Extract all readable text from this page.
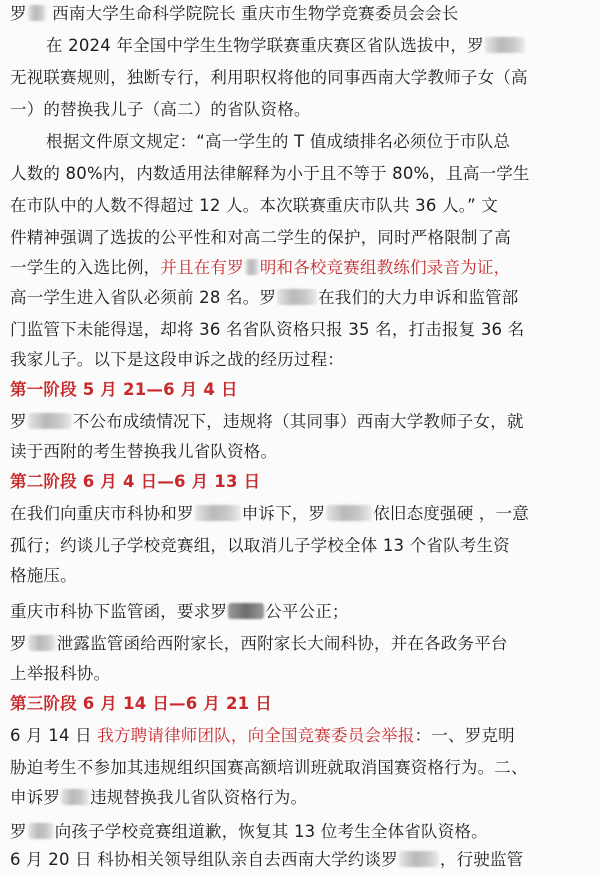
罗 西南大学生命科学院院长 重庆市生物学竞赛委员会会长
在 2024 年全国中学生生物学联赛重庆赛区省队选拔中，罗
无视联赛规则，独断专行，利用职权将他的同事西南大学教师子女（高
一）的替换我儿子（高二）的省队资格。
根据文件原文规定：“高一学生的 T 值成绩排名必须位于市队总
人数的 80%内，内数适用法律解释为小于且不等于 80%，且高一学生
在市队中的人数不得超过 12 人。本次联赛重庆市队共 36 人。” 文
件精神强调了选拔的公平性和对高二学生的保护，同时严格限制了高
一学生的入选比例，并且在有罗 明和各校竞赛组教练们录音为证，
高一学生进入省队必须前 28 名。罗	在我们的大力申诉和监管部
门监管下未能得逞，却将 36 名省队资格只报 35 名，打击报复 36 名
我家儿子。以下是这段申诉之战的经历过程：
第一阶段 5 月 21—6 月 4 日
罗	不公布成绩情况下，违规将（其同事）西南大学教师子女，就
读于西附的考生替换我儿省队资格。
第二阶段 6 月 4 日—6 月 13 日
在我们向重庆市科协和罗	申诉下，罗	依旧态度强硬 ，一意
孤行；约谈儿子学校竞赛组，以取消儿子学校全体 13 个省队考生资
格施压。
重庆市科协下监管函，要求罗 公平公正；
罗 泄露监管函给西附家长，西附家长大闹科协，并在各政务平台
上举报科协。
第三阶段 6 月 14 日—6 月 21 日
6 月 14 日 我方聘请律师团队，向全国竞赛委员会举报：一、罗克明
胁迫考生不参加其违规组织国赛高额培训班就取消国赛资格行为。二、
申诉罗 违规替换我儿省队资格行为。
罗 向孩子学校竞赛组道歉，恢复其 13 位考生全体省队资格。
6 月 20 日 科协相关领导组队亲自去西南大学约谈罗	，行驶监管
